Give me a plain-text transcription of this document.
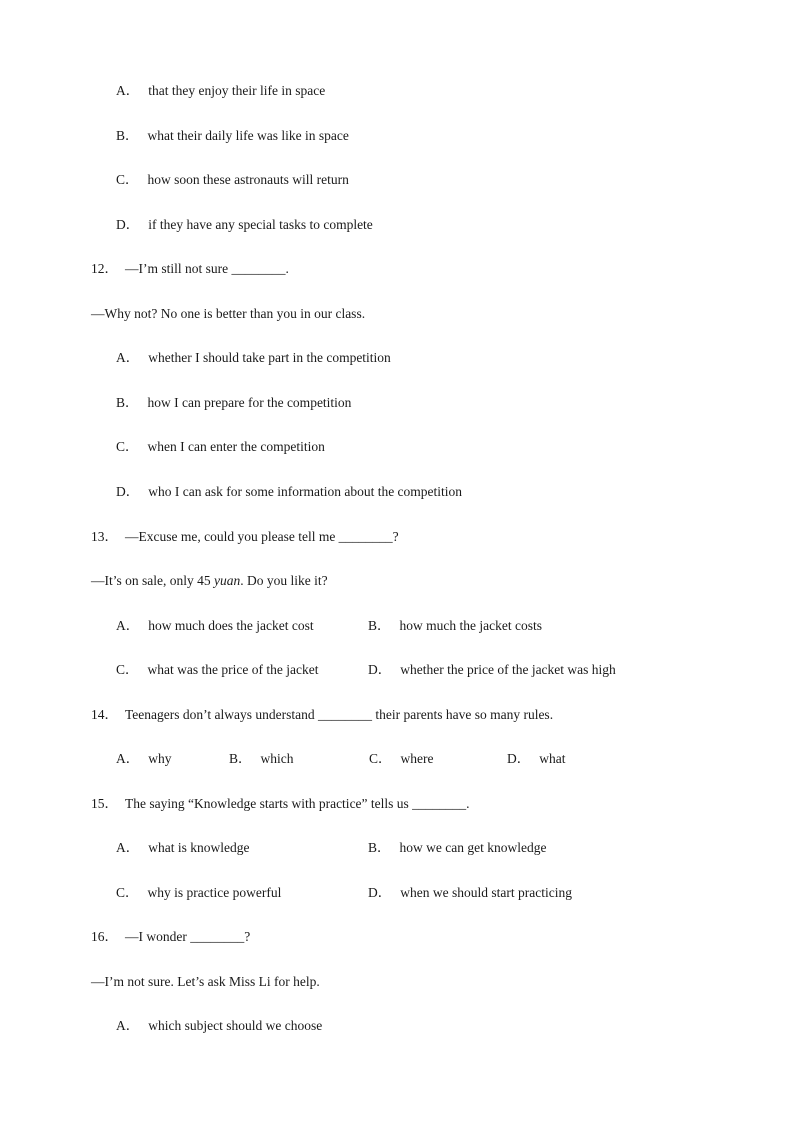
A． that they enjoy their life in space
B． what their daily life was like in space
C． how soon these astronauts will return
D． if they have any special tasks to complete
12． —I’m still not sure ________.
—Why not? No one is better than you in our class.
A． whether I should take part in the competition
B． how I can prepare for the competition
C． when I can enter the competition
D． who I can ask for some information about the competition
13． —Excuse me, could you please tell me ________?
—It’s on sale, only 45 yuan. Do you like it?
A． how much does the jacket cost	B． how much the jacket costs
C． what was the price of the jacket	D． whether the price of the jacket was high
14． Teenagers don’t always understand ________ their parents have so many rules.
A． why	B． which	C． where	D． what
15． The saying “Knowledge starts with practice” tells us ________.
A． what is knowledge	B． how we can get knowledge
C． why is practice powerful	D． when we should start practicing
16． —I wonder ________?
—I’m not sure. Let’s ask Miss Li for help.
A． which subject should we choose
